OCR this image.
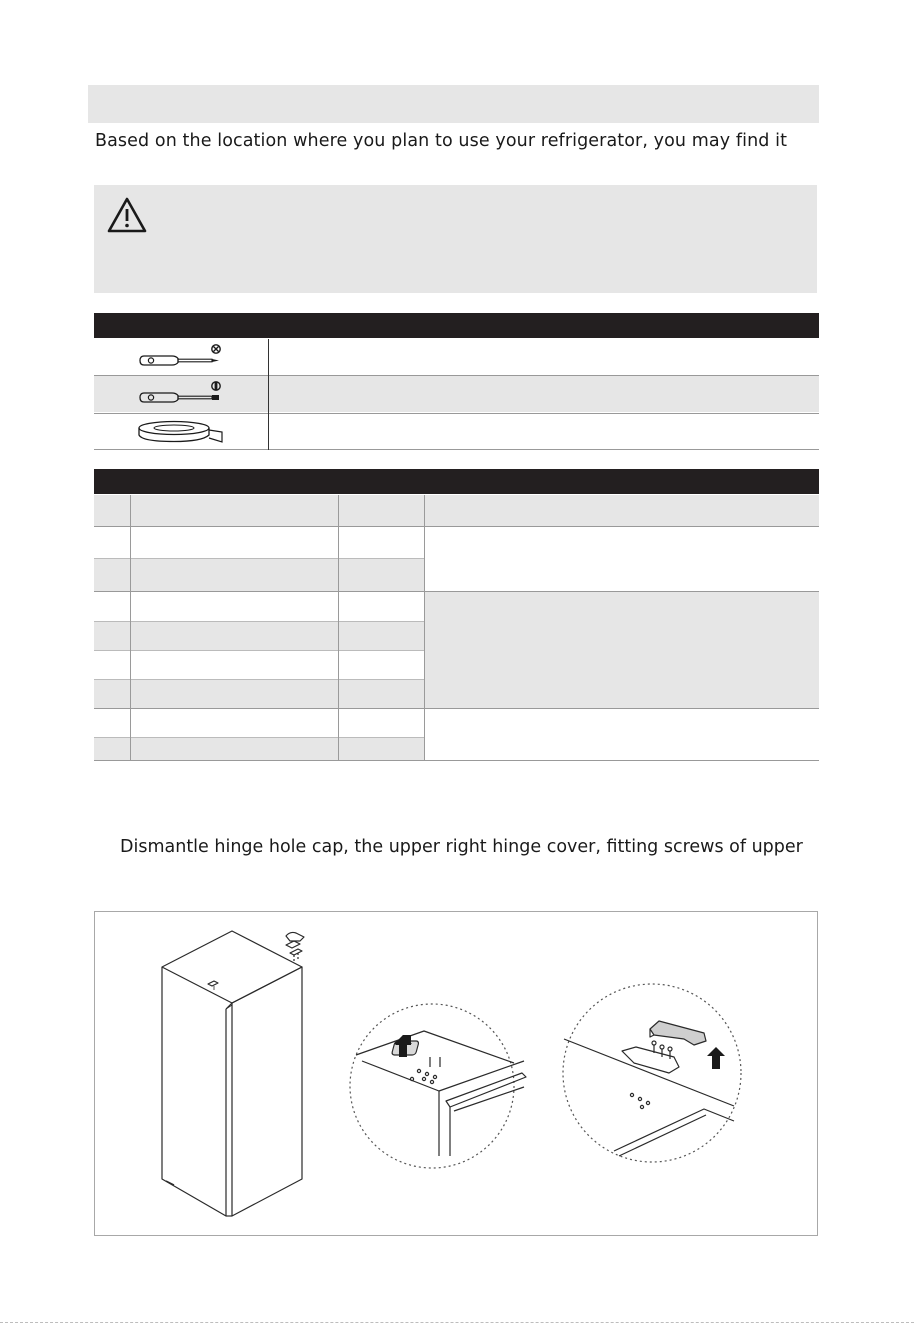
Based on the location where you plan to use your refrigerator, you may find it
Dismantle hinge hole cap, the upper right hinge cover, fitting screws of upper
